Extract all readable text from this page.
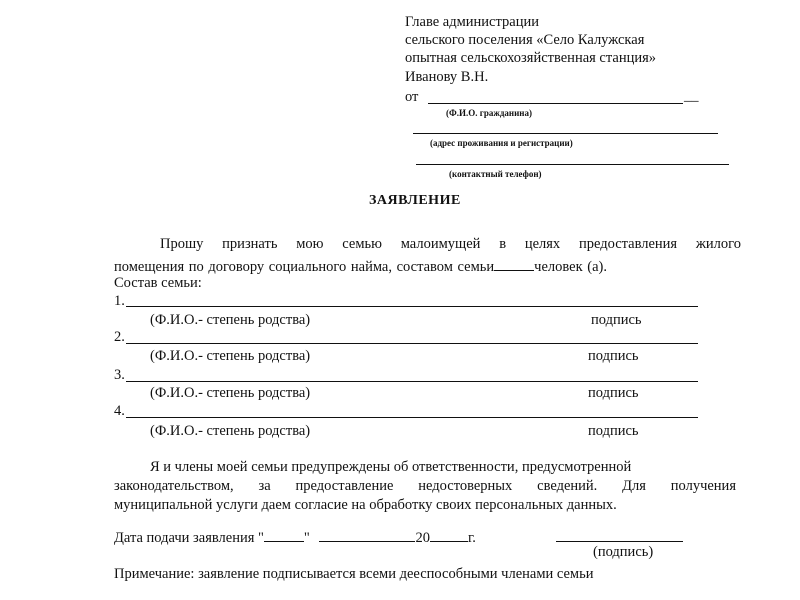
Главе администрации
сельского поселения «Село Калужская
опытная сельскохозяйственная станция»
Иванову В.Н.
от	__
(Ф.И.О. гражданина)
(адрес проживания и регистрации)
(контактный телефон)
ЗАЯВЛЕНИЕ
Прошу признать мою семью малоимущей в целях предоставления жилого
помещения по договору социального найма, составом семьи	человек (а).
Состав семьи:
1.
(Ф.И.О.- степень родства)	подпись
2.
(Ф.И.О.- степень родства)	подпись
3.
(Ф.И.О.- степень родства)	подпись
4.
(Ф.И.О.- степень родства)	подпись
Я и члены моей семьи предупреждены об ответственности, предусмотренной
законодательством, за предоставление недостоверных сведений. Для получения
муниципальной услуги даем согласие на обработку своих персональных данных.
Дата подачи заявления "	"	20	г.
(подпись)
Примечание: заявление подписывается всеми дееспособными членами семьи
